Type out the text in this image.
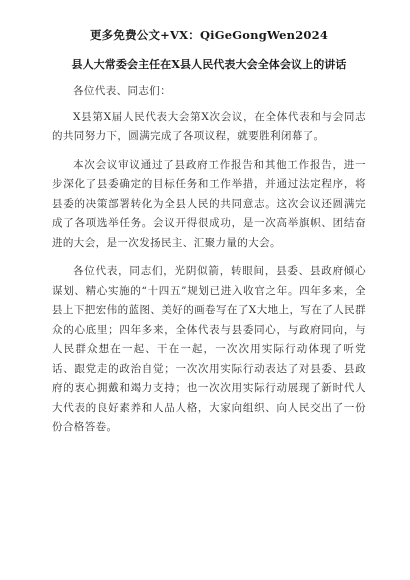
更多免费公文+VX：QiGeGongWen2024
县人大常委会主任在X县人民代表大会全体会议上的讲话

各位代表、同志们：

X县第X届人民代表大会第X次会议，在全体代表和与会同志的共同努力下，圆满完成了各项议程，就要胜利闭幕了。

本次会议审议通过了县政府工作报告和其他工作报告，进一步深化了县委确定的目标任务和工作举措，并通过法定程序，将县委的决策部署转化为全县人民的共同意志。这次会议还圆满完成了各项选举任务。会议开得很成功，是一次高举旗帜、团结奋进的大会，是一次发扬民主、汇聚力量的大会。

各位代表，同志们，光阴似箭，转眼间，县委、县政府倾心谋划、精心实施的“十四五”规划已进入收官之年。四年多来，全县上下把宏伟的蓝图、美好的画卷写在了X大地上，写在了人民群众的心底里；四年多来，全体代表与县委同心，与政府同向，与人民群众想在一起、干在一起，一次次用实际行动体现了听党话、跟党走的政治自觉；一次次用实际行动表达了对县委、县政府的衷心拥戴和竭力支持；也一次次用实际行动展现了新时代人大代表的良好素养和人品人格，大家向组织、向人民交出了一份份合格答卷。
